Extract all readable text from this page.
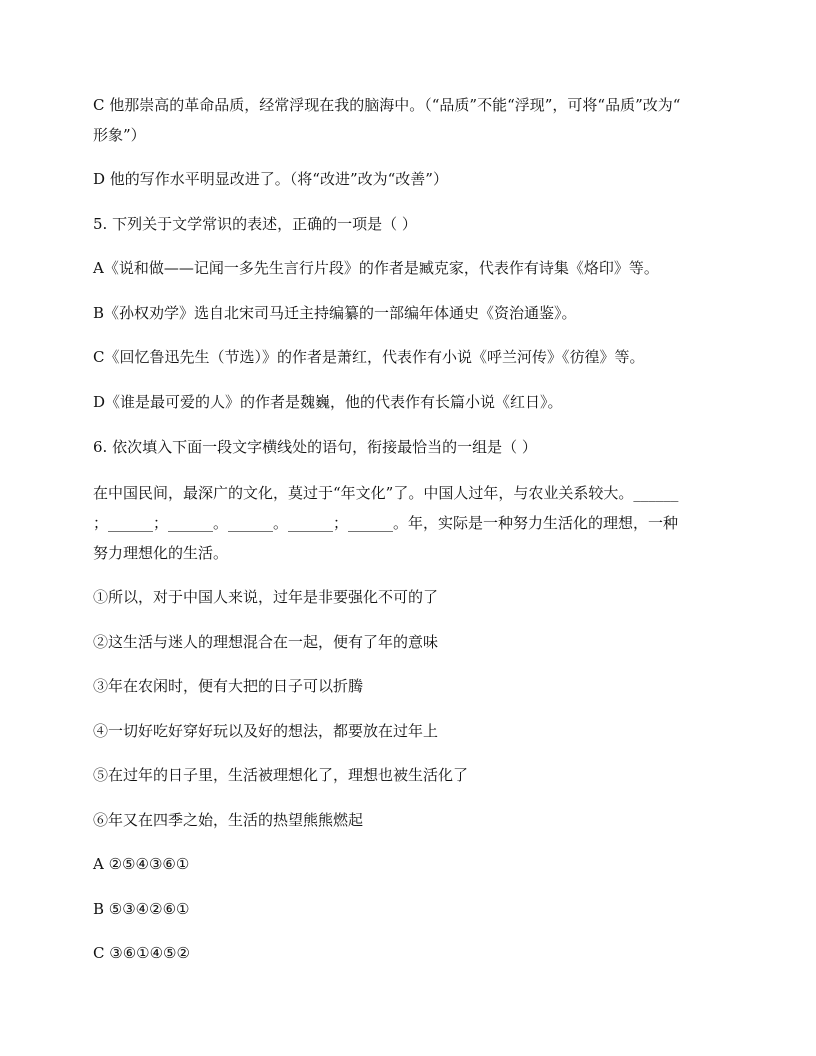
C 他那崇高的革命品质，经常浮现在我的脑海中。（“品质”不能“浮现”，可将“品质”改为“
形象”）
D 他的写作水平明显改进了。（将“改进”改为“改善”）
5. 下列关于文学常识的表述，正确的一项是（ ）
A《说和做——记闻一多先生言行片段》的作者是臧克家，代表作有诗集《烙印》等。
B《孙权劝学》选自北宋司马迁主持编纂的一部编年体通史《资治通鉴》。
C《回忆鲁迅先生（节选）》的作者是萧红，代表作有小说《呼兰河传》《彷徨》等。
D《谁是最可爱的人》的作者是魏巍，他的代表作有长篇小说《红日》。
6. 依次填入下面一段文字横线处的语句，衔接最恰当的一组是（ ）
在中国民间，最深广的文化，莫过于“年文化”了。中国人过年，与农业关系较大。______
；______；______。______。______；______。年，实际是一种努力生活化的理想，一种
努力理想化的生活。
①所以，对于中国人来说，过年是非要强化不可的了
②这生活与迷人的理想混合在一起，便有了年的意味
③年在农闲时，便有大把的日子可以折腾
④一切好吃好穿好玩以及好的想法，都要放在过年上
⑤在过年的日子里，生活被理想化了，理想也被生活化了
⑥年又在四季之始，生活的热望熊熊燃起
A ②⑤④③⑥①
B ⑤③④②⑥①
C ③⑥①④⑤②
